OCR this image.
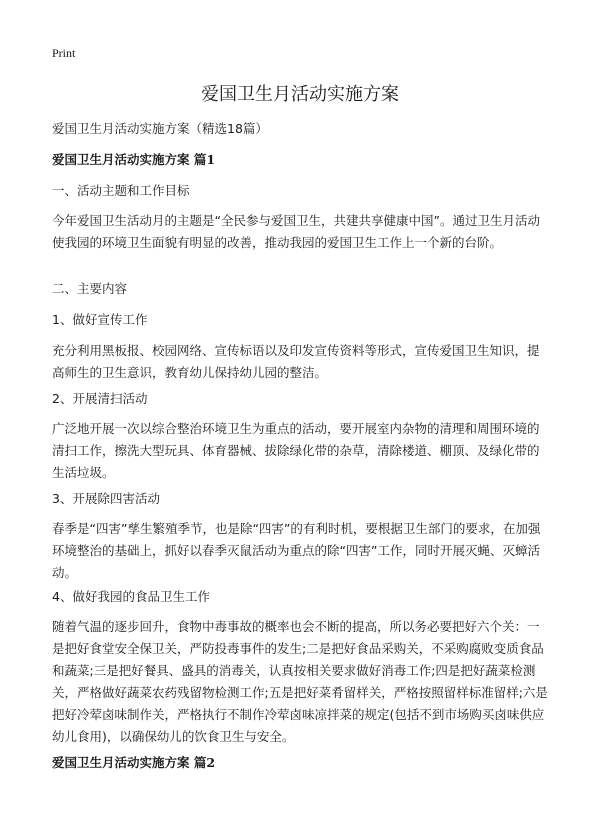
Print
爱国卫生月活动实施方案
爱国卫生月活动实施方案（精选18篇）
爱国卫生月活动实施方案 篇1
一、活动主题和工作目标
今年爱国卫生活动月的主题是“全民参与爱国卫生，共建共享健康中国”。通过卫生月活动使我园的环境卫生面貌有明显的改善，推动我园的爱国卫生工作上一个新的台阶。
二、主要内容
1、做好宣传工作
充分利用黑板报、校园网络、宣传标语以及印发宣传资料等形式，宣传爱国卫生知识，提高师生的卫生意识，教育幼儿保持幼儿园的整洁。
2、开展清扫活动
广泛地开展一次以综合整治环境卫生为重点的活动，要开展室内杂物的清理和周围环境的清扫工作，擦洗大型玩具、体育器械、拔除绿化带的杂草，清除楼道、棚顶、及绿化带的生活垃圾。
3、开展除四害活动
春季是“四害”孳生繁殖季节，也是除“四害”的有利时机，要根据卫生部门的要求，在加强环境整治的基础上，抓好以春季灭鼠活动为重点的除“四害”工作，同时开展灭蝇、灭蟑活动。
4、做好我园的食品卫生工作
随着气温的逐步回升，食物中毒事故的概率也会不断的提高，所以务必要把好六个关：一是把好食堂安全保卫关，严防投毒事件的发生;二是把好食品采购关，不采购腐败变质食品和蔬菜;三是把好餐具、盛具的消毒关，认真按相关要求做好消毒工作;四是把好蔬菜检测关，严格做好蔬菜农药残留物检测工作;五是把好菜肴留样关，严格按照留样标准留样;六是把好冷荤卤味制作关，严格执行不制作冷荤卤味凉拌菜的规定(包括不到市场购买卤味供应幼儿食用)，以确保幼儿的饮食卫生与安全。
爱国卫生月活动实施方案 篇2
